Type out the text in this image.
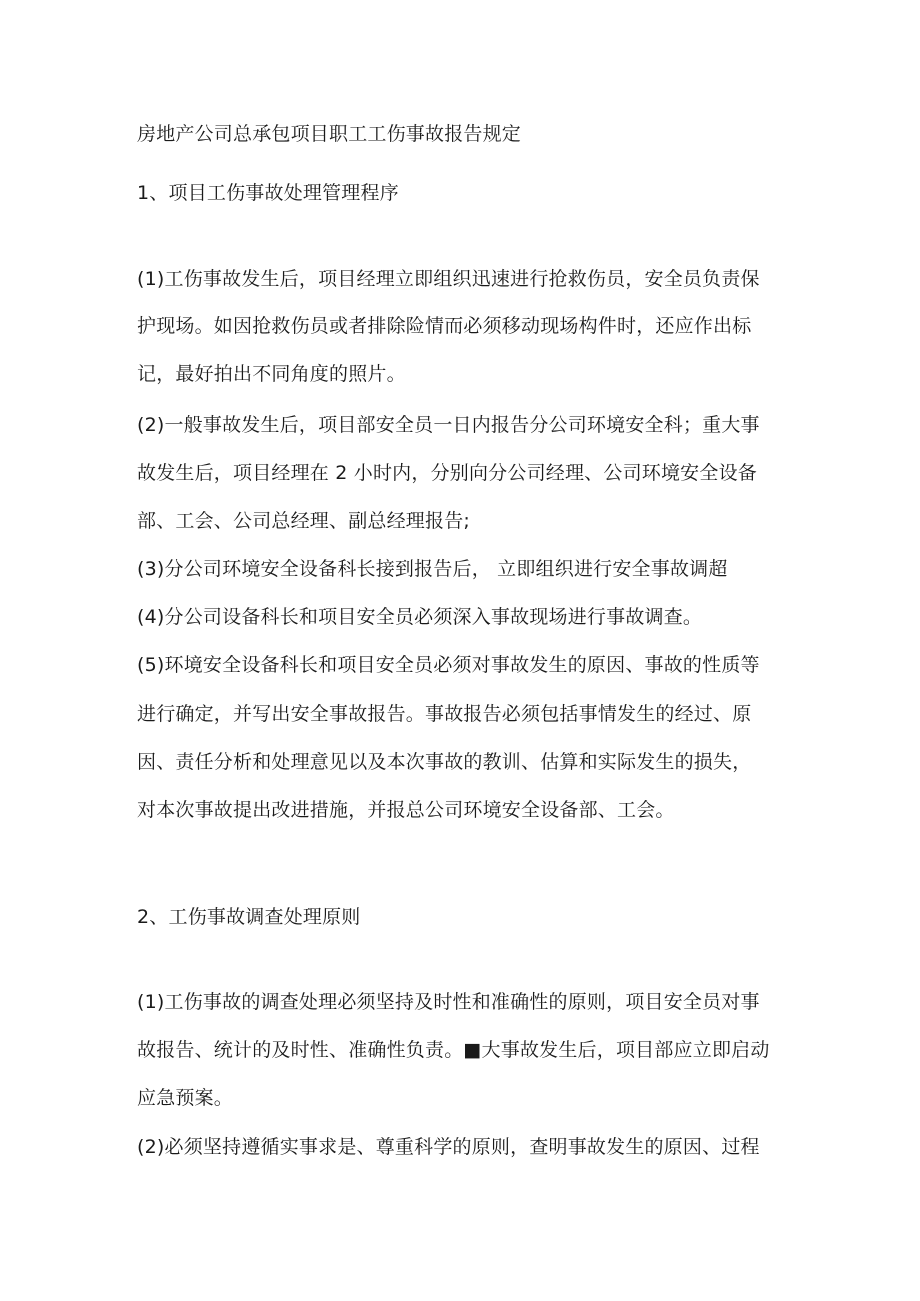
房地产公司总承包项目职工工伤事故报告规定
1、项目工伤事故处理管理程序
(1)工伤事故发生后，项目经理立即组织迅速进行抢救伤员，安全员负责保
护现场。如因抢救伤员或者排除险情而必须移动现场构件时，还应作出标
记，最好拍出不同角度的照片。
(2)一般事故发生后，项目部安全员一日内报告分公司环境安全科；重大事
故发生后，项目经理在 2 小时内，分别向分公司经理、公司环境安全设备
部、工会、公司总经理、副总经理报告;
(3)分公司环境安全设备科长接到报告后， 立即组织进行安全事故调超
(4)分公司设备科长和项目安全员必须深入事故现场进行事故调查。
(5)环境安全设备科长和项目安全员必须对事故发生的原因、事故的性质等
进行确定，并写出安全事故报告。事故报告必须包括事情发生的经过、原
因、责任分析和处理意见以及本次事故的教训、估算和实际发生的损失，
对本次事故提出改进措施，并报总公司环境安全设备部、工会。
2、工伤事故调查处理原则
(1)工伤事故的调查处理必须坚持及时性和准确性的原则，项目安全员对事
故报告、统计的及时性、准确性负责。■大事故发生后，项目部应立即启动
应急预案。
(2)必须坚持遵循实事求是、尊重科学的原则，查明事故发生的原因、过程
